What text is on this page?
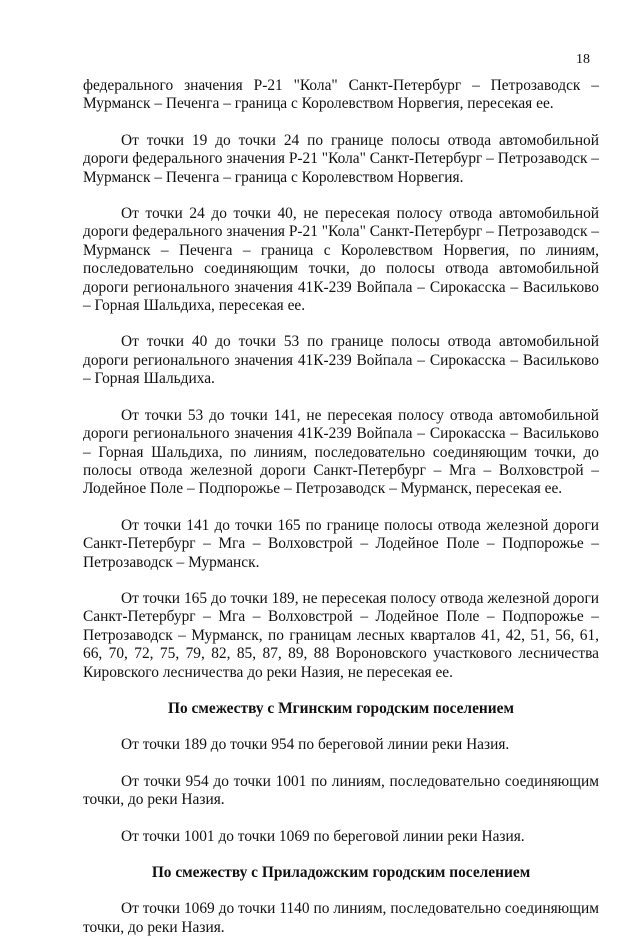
18

федерального значения Р-21 "Кола" Санкт-Петербург – Петрозаводск – Мурманск – Печенга – граница с Королевством Норвегия, пересекая ее.

От точки 19 до точки 24 по границе полосы отвода автомобильной дороги федерального значения Р-21 "Кола" Санкт-Петербург – Петрозаводск – Мурманск – Печенга – граница с Королевством Норвегия.

От точки 24 до точки 40, не пересекая полосу отвода автомобильной дороги федерального значения Р-21 "Кола" Санкт-Петербург – Петрозаводск – Мурманск – Печенга – граница с Королевством Норвегия, по линиям, последовательно соединяющим точки, до полосы отвода автомобильной дороги регионального значения 41К-239 Войпала – Сирокасска – Васильково – Горная Шальдиха, пересекая ее.

От точки 40 до точки 53 по границе полосы отвода автомобильной дороги регионального значения 41К-239 Войпала – Сирокасска – Васильково – Горная Шальдиха.

От точки 53 до точки 141, не пересекая полосу отвода автомобильной дороги регионального значения 41К-239 Войпала – Сирокасска – Васильково – Горная Шальдиха, по линиям, последовательно соединяющим точки, до полосы отвода железной дороги Санкт-Петербург – Мга – Волховстрой – Лодейное Поле – Подпорожье – Петрозаводск – Мурманск, пересекая ее.

От точки 141 до точки 165 по границе полосы отвода железной дороги Санкт-Петербург – Мга – Волховстрой – Лодейное Поле – Подпорожье – Петрозаводск – Мурманск.

От точки 165 до точки 189, не пересекая полосу отвода железной дороги Санкт-Петербург – Мга – Волховстрой – Лодейное Поле – Подпорожье – Петрозаводск – Мурманск, по границам лесных кварталов 41, 42, 51, 56, 61, 66, 70, 72, 75, 79, 82, 85, 87, 89, 88 Вороновского участкового лесничества Кировского лесничества до реки Назия, не пересекая ее.

По смежеству с Мгинским городским поселением

От точки 189 до точки 954 по береговой линии реки Назия.

От точки 954 до точки 1001 по линиям, последовательно соединяющим точки, до реки Назия.

От точки 1001 до точки 1069 по береговой линии реки Назия.

По смежеству с Приладожским городским поселением

От точки 1069 до точки 1140 по линиям, последовательно соединяющим точки, до реки Назия.
